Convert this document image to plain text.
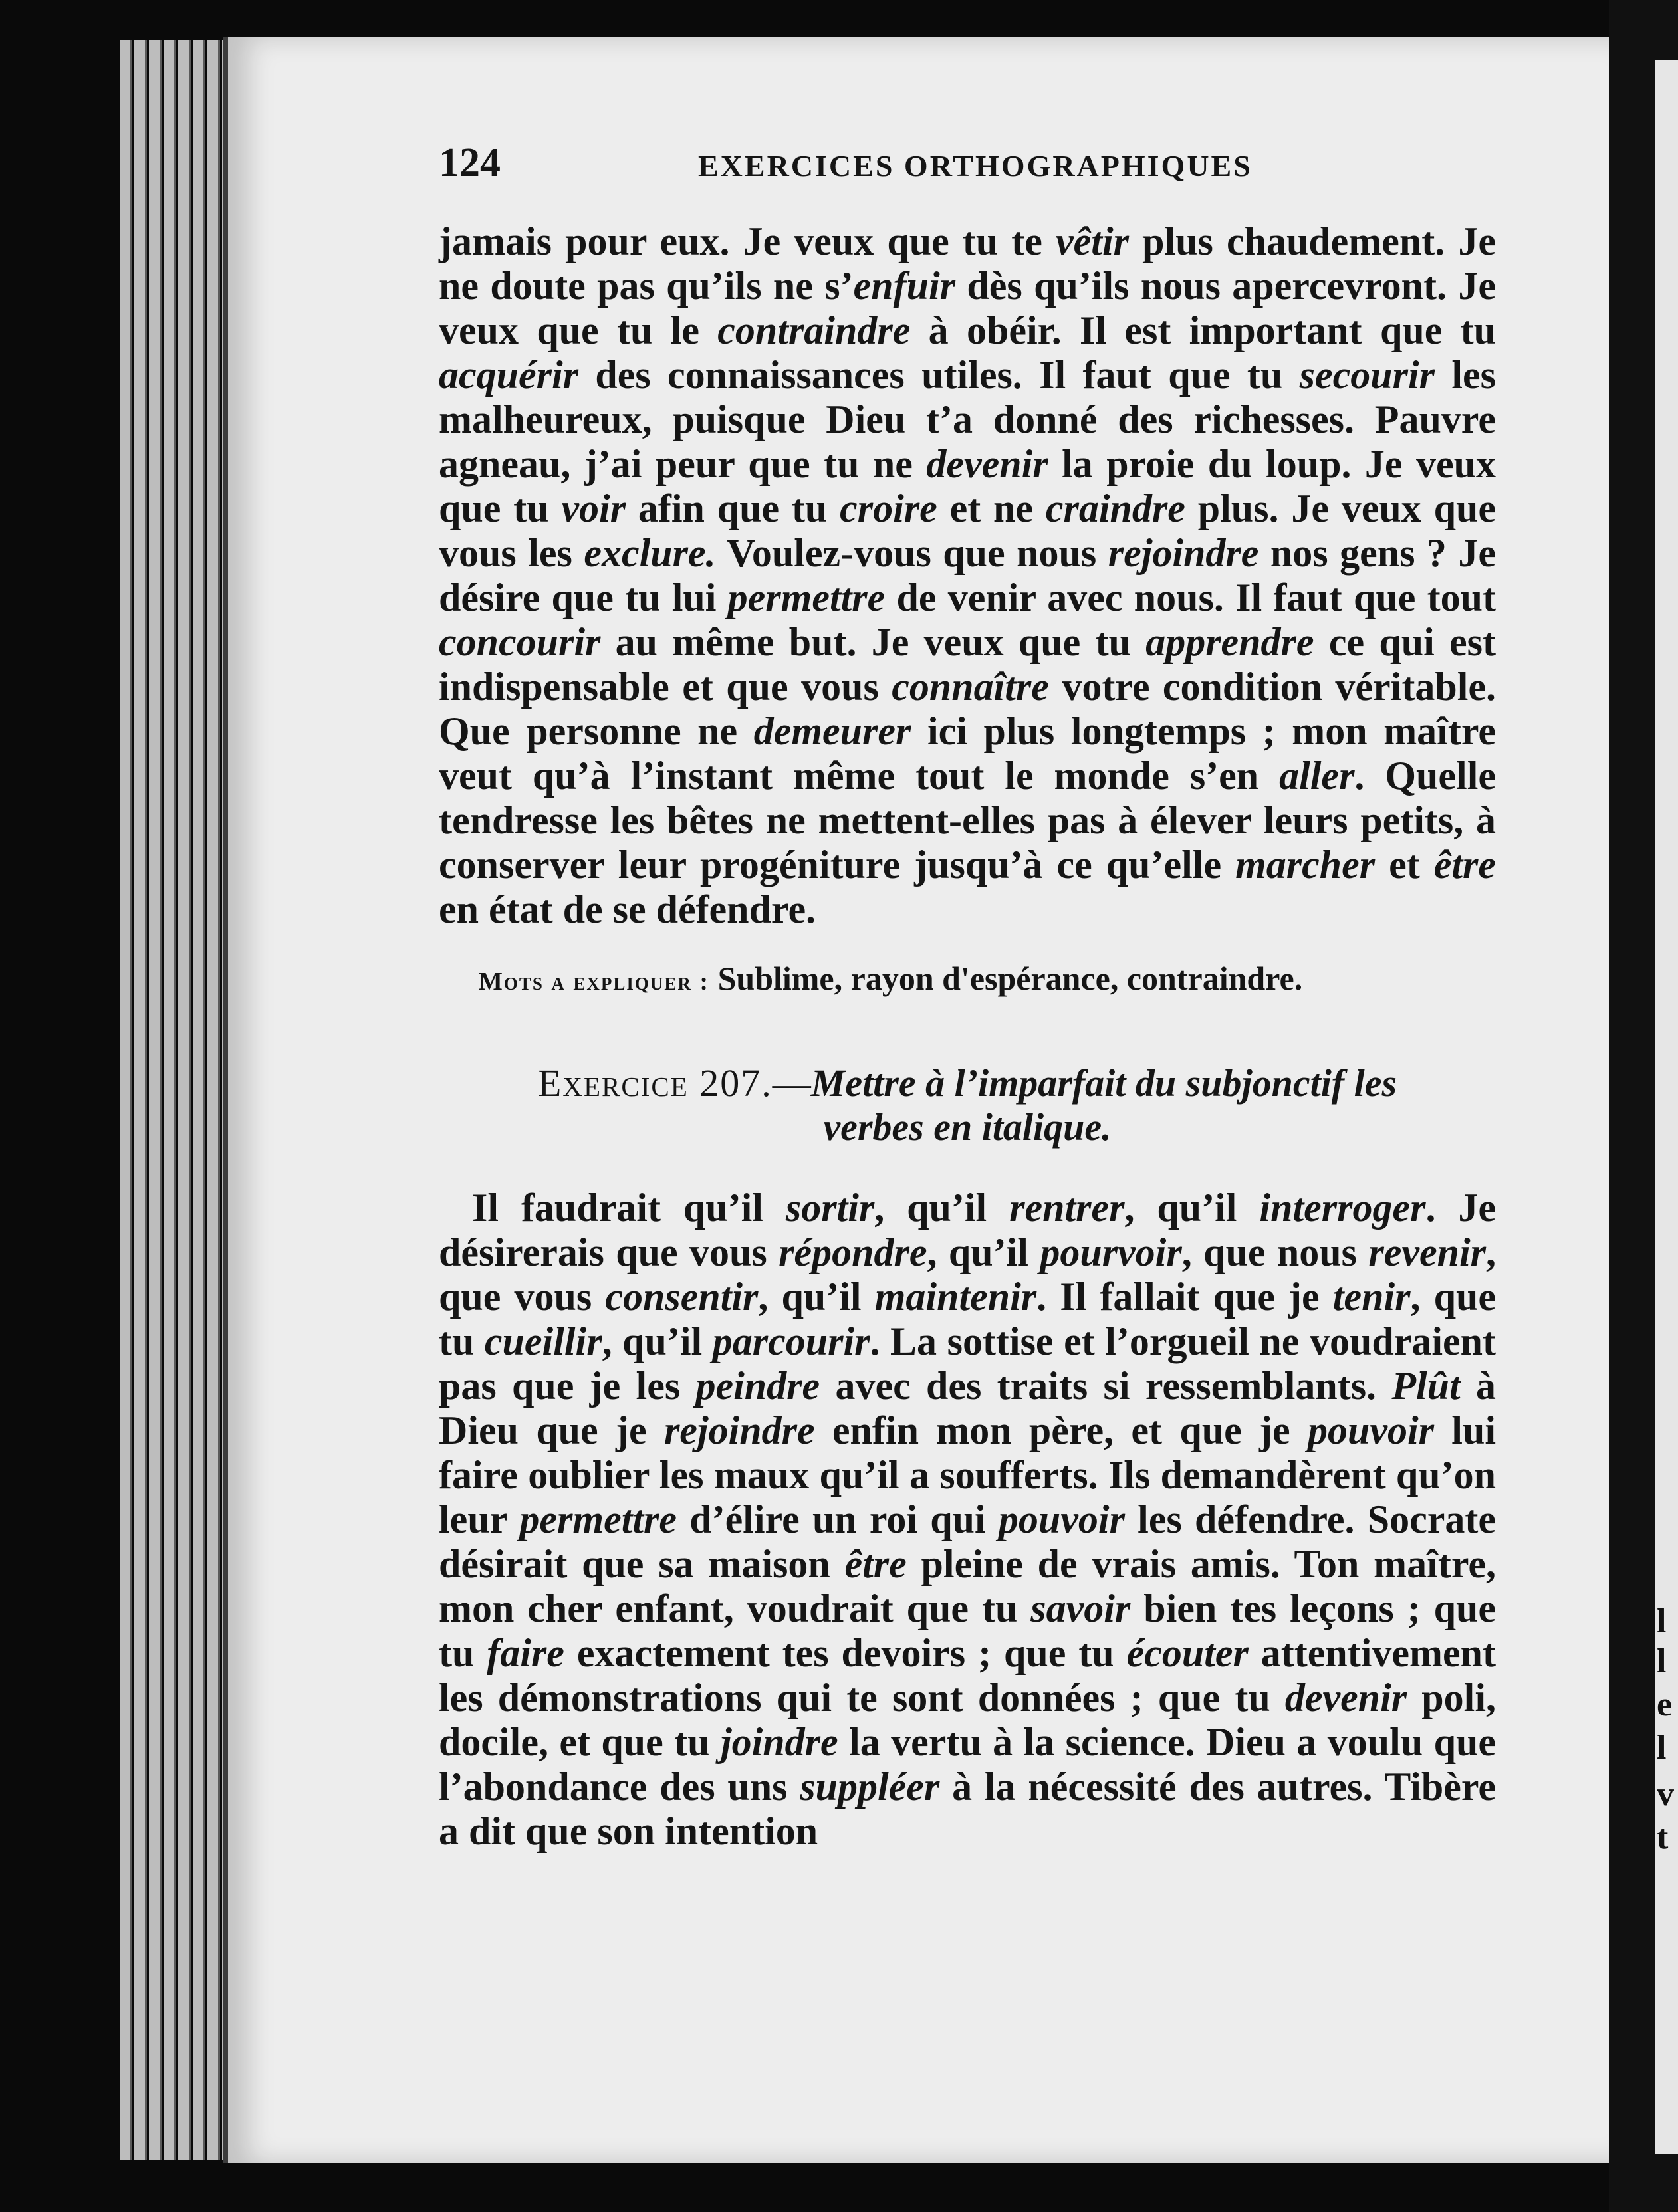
l
l
e
l
v
t
124	EXERCICES ORTHOGRAPHIQUES

jamais pour eux. Je veux que tu te vêtir plus chaudement. Je ne doute pas qu’ils ne s’enfuir dès qu’ils nous apercevront. Je veux que tu le contraindre à obéir. Il est important que tu acquérir des connaissances utiles. Il faut que tu secourir les malheureux, puisque Dieu t’a donné des richesses. Pauvre agneau, j’ai peur que tu ne devenir la proie du loup. Je veux que tu voir afin que tu croire et ne craindre plus. Je veux que vous les exclure. Voulez-vous que nous rejoindre nos gens ? Je désire que tu lui permettre de venir avec nous. Il faut que tout concourir au même but. Je veux que tu apprendre ce qui est indispensable et que vous connaître votre condition véritable. Que personne ne demeurer ici plus longtemps ; mon maître veut qu’à l’instant même tout le monde s’en aller. Quelle tendresse les bêtes ne mettent-elles pas à élever leurs petits, à conserver leur progéniture jusqu’à ce qu’elle marcher et être en état de se défendre.

Mots a expliquer : Sublime, rayon d'espérance, contraindre.
Exercice 207.—Mettre à l’imparfait du subjonctif les
verbes en italique.

Il faudrait qu’il sortir, qu’il rentrer, qu’il interroger. Je désirerais que vous répondre, qu’il pourvoir, que nous revenir, que vous consentir, qu’il maintenir. Il fallait que je tenir, que tu cueillir, qu’il parcourir. La sottise et l’orgueil ne voudraient pas que je les peindre avec des traits si ressemblants. Plût à Dieu que je rejoindre enfin mon père, et que je pouvoir lui faire oublier les maux qu’il a soufferts. Ils demandèrent qu’on leur permettre d’élire un roi qui pouvoir les défendre. Socrate désirait que sa maison être pleine de vrais amis. Ton maître, mon cher enfant, voudrait que tu savoir bien tes leçons ; que tu faire exactement tes devoirs ; que tu écouter attentivement les démonstrations qui te sont données ; que tu devenir poli, docile, et que tu joindre la vertu à la science. Dieu a voulu que l’abondance des uns suppléer à la nécessité des autres. Tibère a dit que son intention
